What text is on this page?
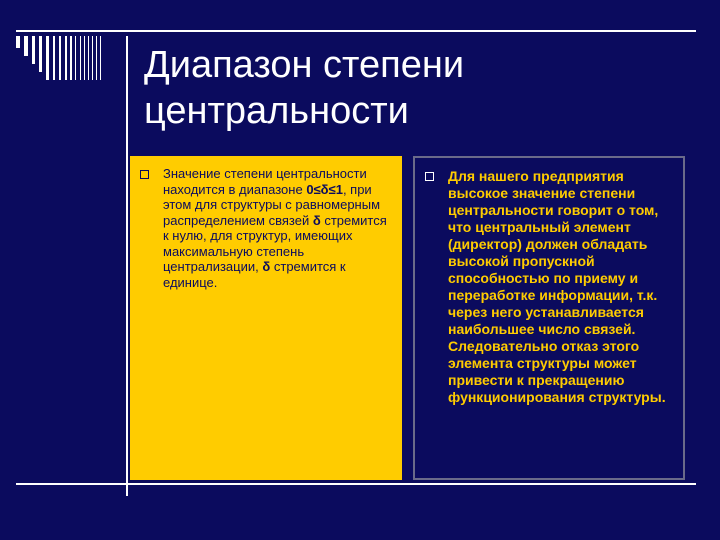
Диапазон степени центральности
Значение степени центральности находится в диапазоне 0≤δ≤1, при этом для структуры с равномерным распределением связей δ стремится к нулю, для структур, имеющих максимальную степень централизации, δ стремится к единице.
Для нашего предприятия высокое значение степени центральности говорит о том, что центральный элемент (директор) должен обладать высокой пропускной способностью по приему и переработке информации, т.к. через него устанавливается наибольшее число связей. Следовательно отказ этого элемента структуры может привести к прекращению функционирования структуры.
